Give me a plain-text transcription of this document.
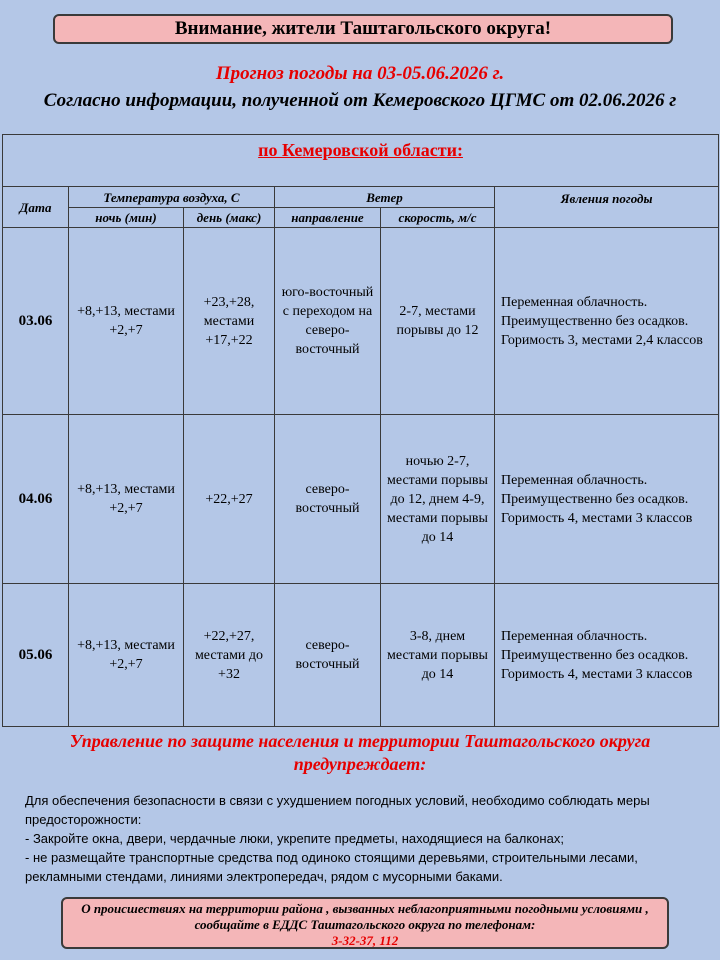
Внимание, жители Таштагольского округа!
Прогноз погоды на 03-05.06.2026 г.
Согласно информации, полученной от Кемеровского ЦГМС от 02.06.2026 г
по Кемеровской области:					
Дата	Температура воздуха, С		Ветер		Явления погоды
	ночь (мин)	день (макс)	направление	скорость, м/с	
03.06	+8,+13, местами +2,+7	+23,+28, местами +17,+22	юго-восточный с переходом на северо-восточный	2-7, местами порывы до 12	Переменная облачность. Преимущественно без осадков. Горимость 3, местами 2,4 классов
04.06	+8,+13, местами +2,+7	+22,+27	северо-восточный	ночью 2-7, местами порывы до 12, днем 4-9, местами порывы до 14	Переменная облачность. Преимущественно без осадков. Горимость 4, местами 3 классов
05.06	+8,+13, местами +2,+7	+22,+27, местами до +32	северо-восточный	3-8, днем местами порывы до 14	Переменная облачность. Преимущественно без осадков. Горимость 4, местами 3 классов
Управление по защите населения и территории Таштагольского округа предупреждает:

Для обеспечения безопасности в связи с ухудшением погодных условий, необходимо соблюдать меры предосторожности:

- Закройте окна, двери, чердачные люки, укрепите предметы, находящиеся на балконах;

- не размещайте транспортные средства под одиноко стоящими деревьями, строительными лесами, рекламными стендами, линиями электропередач, рядом с мусорными баками.

О происшествиях на территории района , вызванных неблагоприятными погодными условиями , сообщайте в ЕДДС Таштагольского округа по телефонам:
3-32-37, 112
